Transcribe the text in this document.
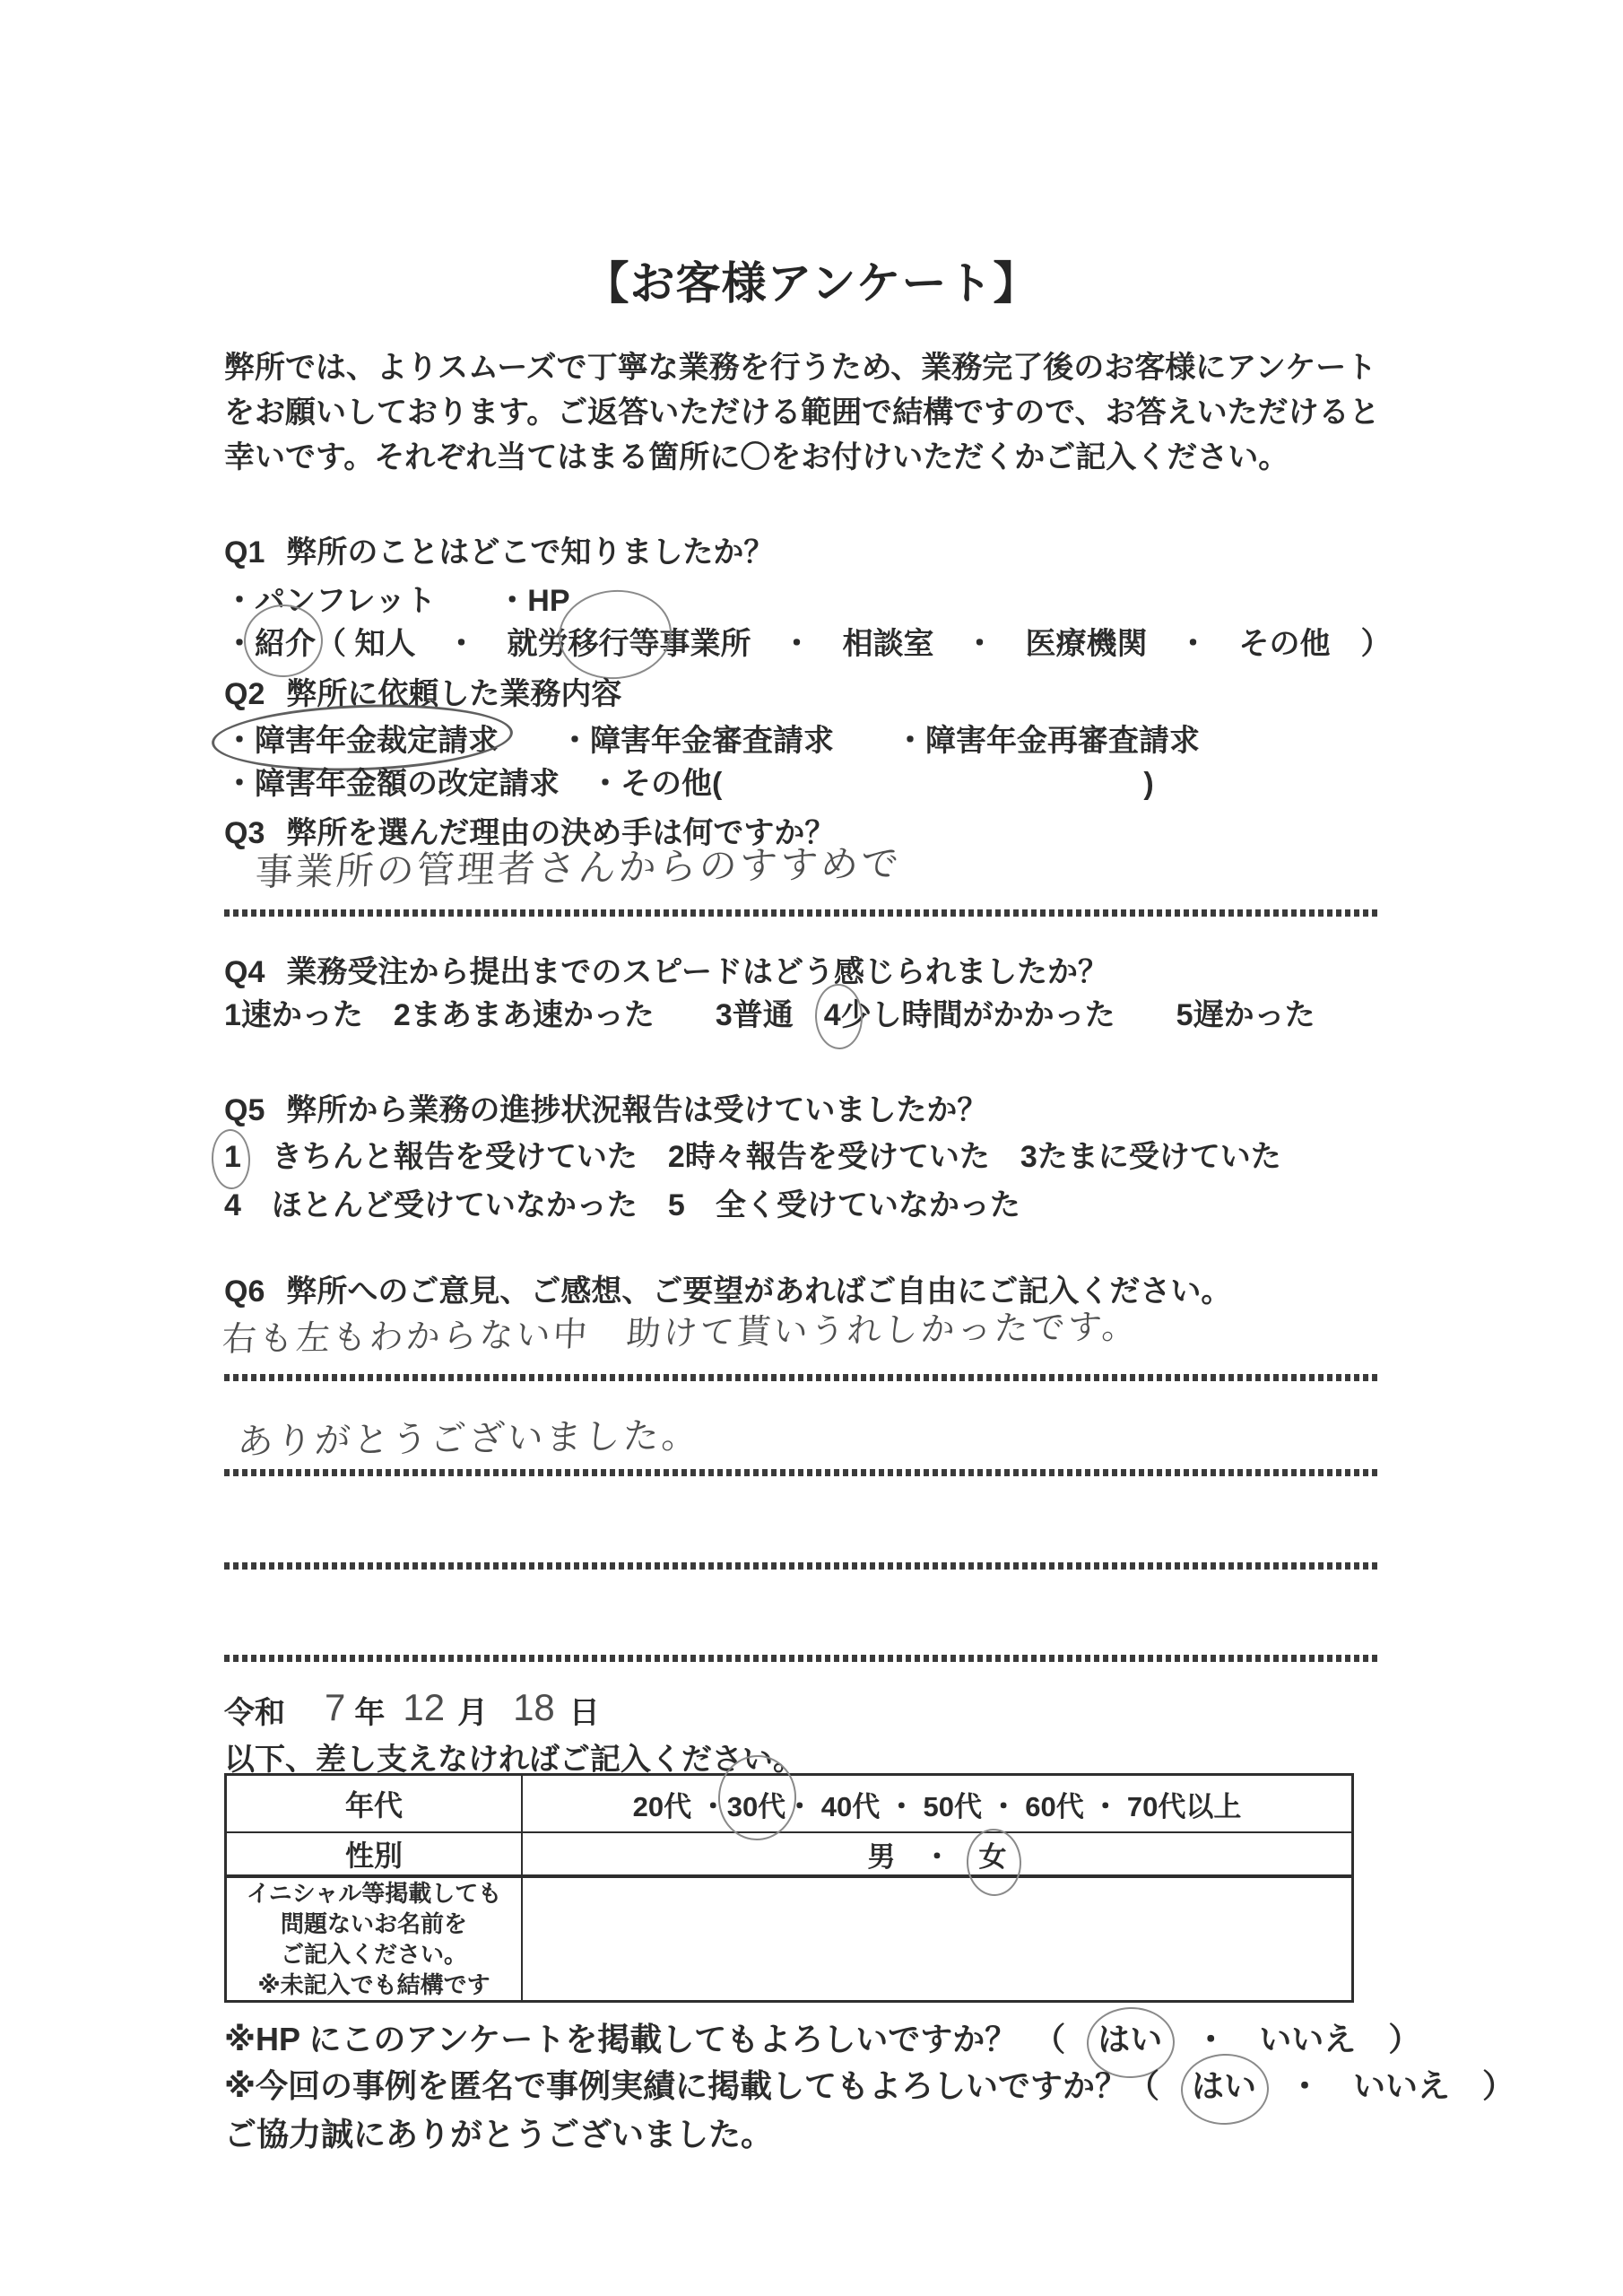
【お客様アンケート】
弊所では、よりスムーズで丁寧な業務を行うため、業務完了後のお客様にアンケート
をお願いしております。ご返答いただける範囲で結構ですので、お答えいただけると
幸いです。それぞれ当てはまる箇所に〇をお付けいただくかご記入ください。
Q1 弊所のことはどこで知りましたか？
・パンフレット　　・HP
・紹介（ 知人　・　就労移行等事業所　・　相談室　・　医療機関　・　その他　）
Q2 弊所に依頼した業務内容
・障害年金裁定請求　　・障害年金審査請求　　・障害年金再審査請求
・障害年金額の改定請求　・その他(	)
Q3 弊所を選んだ理由の決め手は何ですか？
事業所の管理者さんからのすすめで
Q4 業務受注から提出までのスピードはどう感じられましたか？
1速かった　2まあまあ速かった　　3普通　4少し時間がかかった　　5遅かった
Q5 弊所から業務の進捗状況報告は受けていましたか？
1　きちんと報告を受けていた　2時々報告を受けていた　3たまに受けていた
4　ほとんど受けていなかった　5　全く受けていなかった
Q6 弊所へのご意見、ご感想、ご要望があればご自由にご記入ください。
右も左もわからない中　助けて貰いうれしかったです。
ありがとうございました。
令和 7 年 12 月 18 日
以下、差し支えなければご記入ください。
年代	20代 ・ 30代 ・ 40代 ・ 50代 ・ 60代 ・ 70代以上
性別	男　・　 女
イニシャル等掲載しても
問題ないお名前を
ご記入ください。
※未記入でも結構です
※HP にこのアンケートを掲載してもよろしいですか？　（　はい　・　いいえ　）
※今回の事例を匿名で事例実績に掲載してもよろしいですか？（　はい　・　いいえ　）
ご協力誠にありがとうございました。
